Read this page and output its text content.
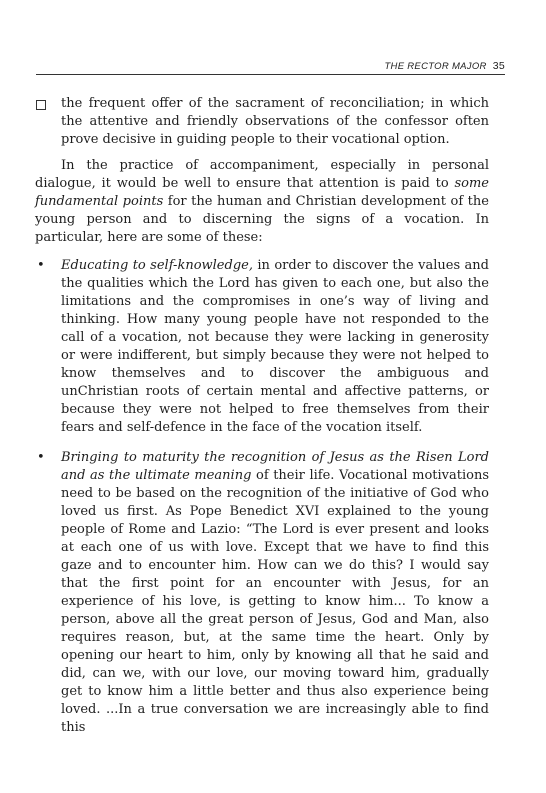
THE RECTOR MAJOR 35

the frequent offer of the sacrament of reconciliation; in which the attentive and friendly observations of the confessor often prove decisive in guiding people to their vocational option.

In the practice of accompaniment, especially in personal dialogue, it would be well to ensure that attention is paid to some fundamental points for the human and Christian development of the young person and to discerning the signs of a vocation. In particular, here are some of these:

• Educating to self-knowledge, in order to discover the values and the qualities which the Lord has given to each one, but also the limitations and the compromises in one’s way of living and thinking. How many young people have not responded to the call of a vocation, not because they were lacking in generosity or were indifferent, but simply because they were not helped to know themselves and to discover the ambiguous and unChristian roots of certain mental and affective patterns, or because they were not helped to free themselves from their fears and self-defence in the face of the vocation itself.

• Bringing to maturity the recognition of Jesus as the Risen Lord and as the ultimate meaning of their life. Vocational motivations need to be based on the recognition of the initiative of God who loved us first. As Pope Benedict XVI explained to the young people of Rome and Lazio: “The Lord is ever present and looks at each one of us with love. Except that we have to find this gaze and to encounter him. How can we do this? I would say that the first point for an encounter with Jesus, for an experience of his love, is getting to know him... To know a person, above all the great person of Jesus, God and Man, also requires reason, but, at the same time the heart. Only by opening our heart to him, only by knowing all that he said and did, can we, with our love, our moving toward him, gradually get to know him a little better and thus also experience being loved. ...In a true conversation we are increasingly able to find this
